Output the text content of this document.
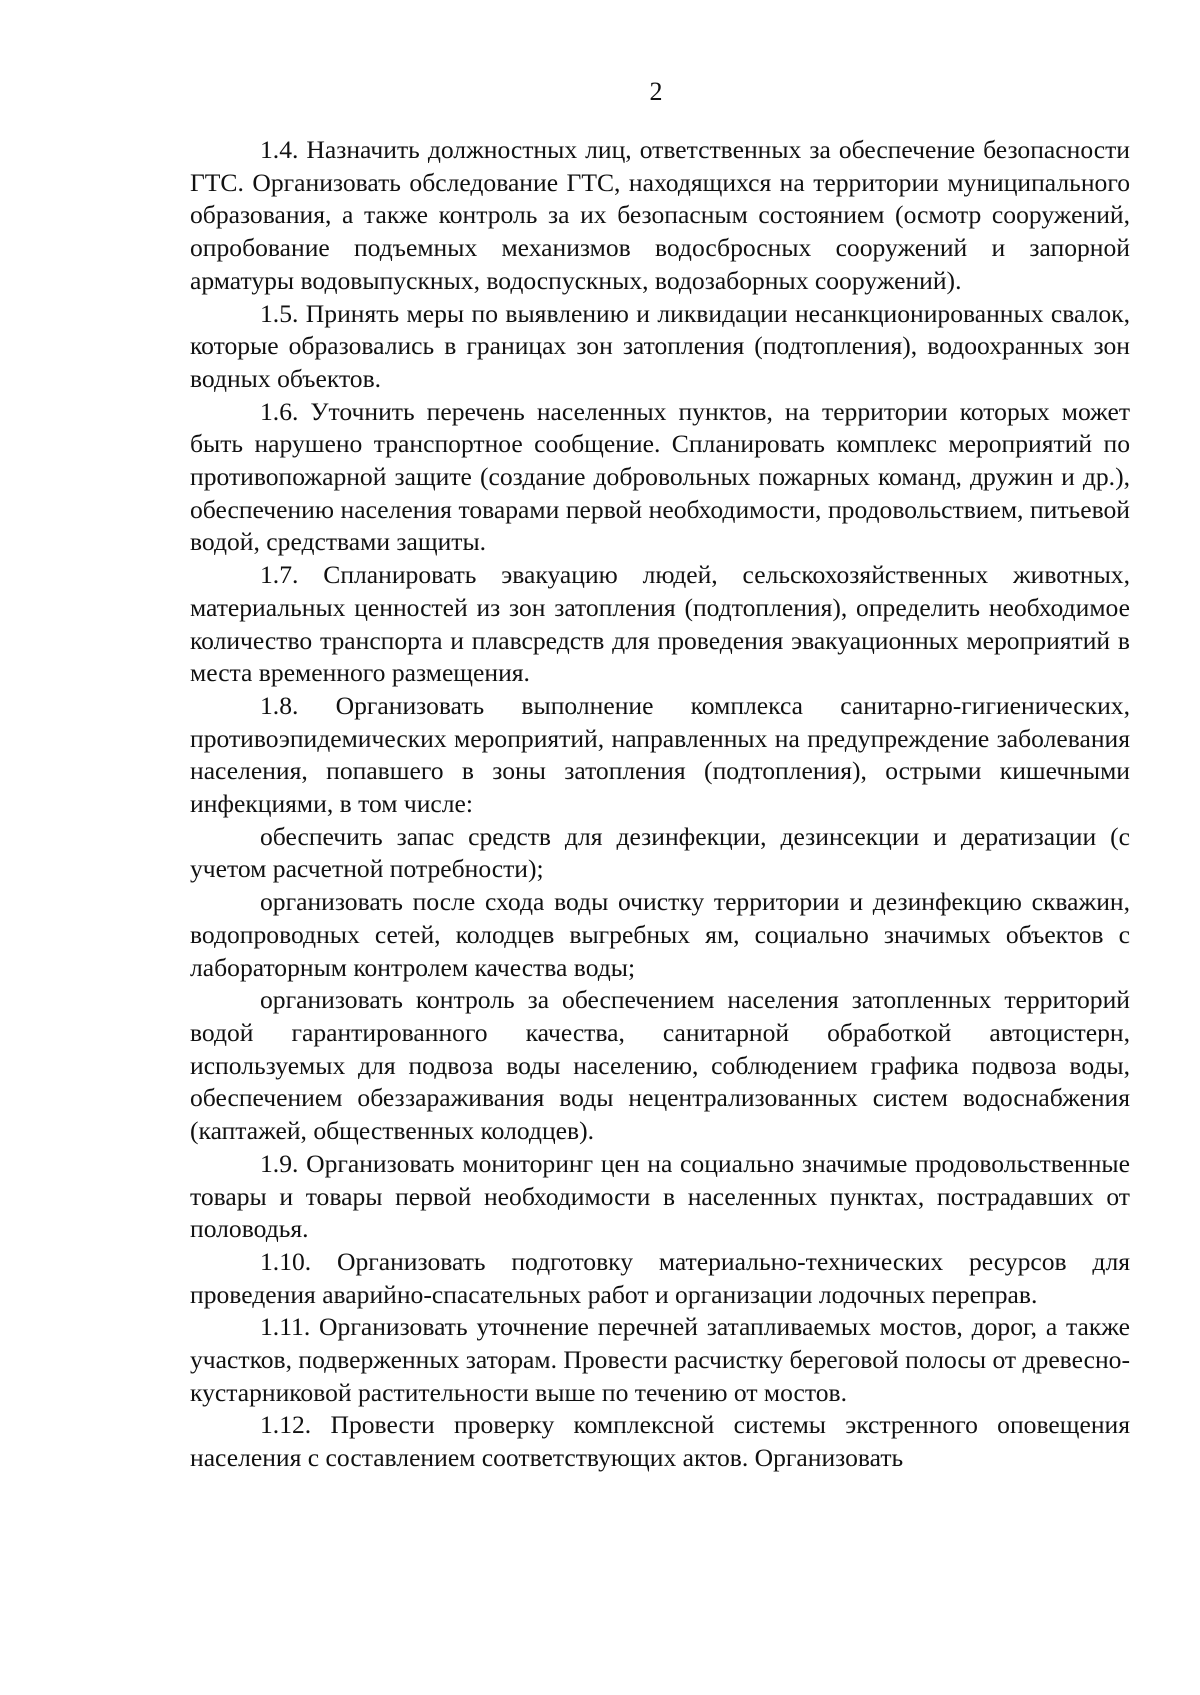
2

1.4. Назначить должностных лиц, ответственных за обеспечение безопасности ГТС. Организовать обследование ГТС, находящихся на территории муниципального образования, а также контроль за их безопасным состоянием (осмотр сооружений, опробование подъемных механизмов водосбросных сооружений и запорной арматуры водовыпускных, водоспускных, водозаборных сооружений).

1.5. Принять меры по выявлению и ликвидации несанкционированных свалок, которые образовались в границах зон затопления (подтопления), водоохранных зон водных объектов.

1.6. Уточнить перечень населенных пунктов, на территории которых может быть нарушено транспортное сообщение. Спланировать комплекс мероприятий по противопожарной защите (создание добровольных пожарных команд, дружин и др.), обеспечению населения товарами первой необходимости, продовольствием, питьевой водой, средствами защиты.

1.7. Спланировать эвакуацию людей, сельскохозяйственных животных, материальных ценностей из зон затопления (подтопления), определить необходимое количество транспорта и плавсредств для проведения эвакуационных мероприятий в места временного размещения.

1.8. Организовать выполнение комплекса санитарно-гигиенических, противоэпидемических мероприятий, направленных на предупреждение заболевания населения, попавшего в зоны затопления (подтопления), острыми кишечными инфекциями, в том числе:

обеспечить запас средств для дезинфекции, дезинсекции и дератизации (с учетом расчетной потребности);

организовать после схода воды очистку территории и дезинфекцию скважин, водопроводных сетей, колодцев выгребных ям, социально значимых объектов с лабораторным контролем качества воды;

организовать контроль за обеспечением населения затопленных территорий водой гарантированного качества, санитарной обработкой автоцистерн, используемых для подвоза воды населению, соблюдением графика подвоза воды, обеспечением обеззараживания воды нецентрализованных систем водоснабжения (каптажей, общественных колодцев).

1.9. Организовать мониторинг цен на социально значимые продовольственные товары и товары первой необходимости в населенных пунктах, пострадавших от половодья.

1.10. Организовать подготовку материально-технических ресурсов для проведения аварийно-спасательных работ и организации лодочных переправ.

1.11. Организовать уточнение перечней затапливаемых мостов, дорог, а также участков, подверженных заторам. Провести расчистку береговой полосы от древесно-кустарниковой растительности выше по течению от мостов.

1.12. Провести проверку комплексной системы экстренного оповещения населения с составлением соответствующих актов. Организовать
